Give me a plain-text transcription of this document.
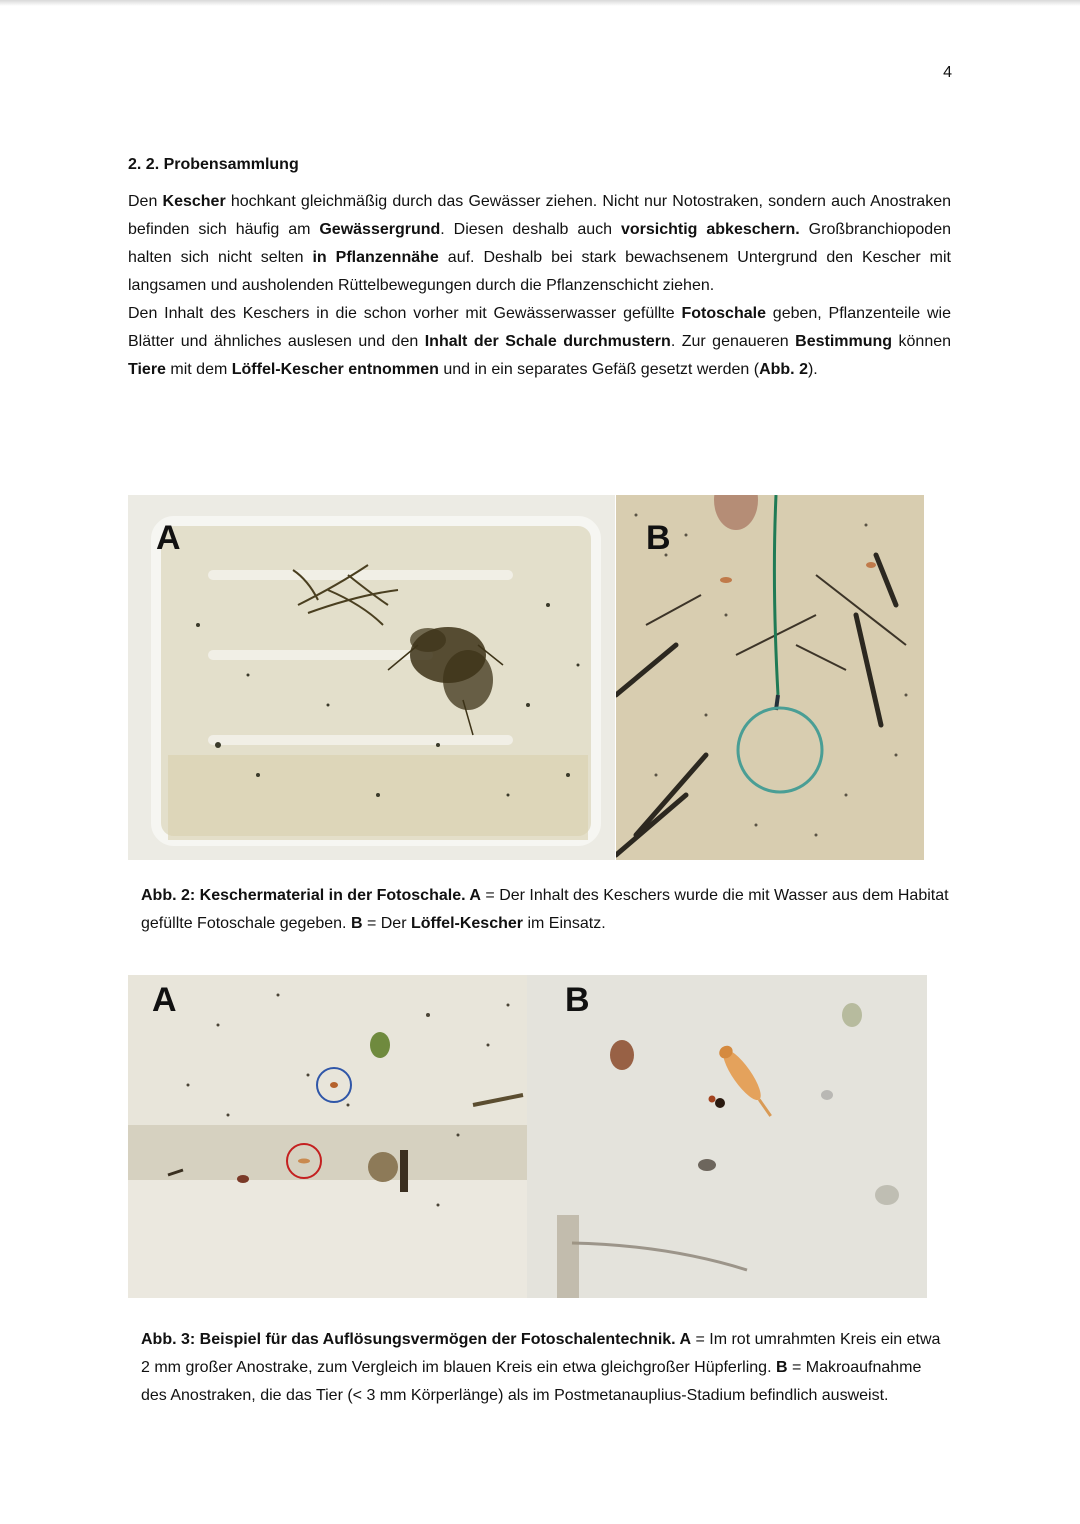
4
2. 2. Probensammlung

Den Kescher hochkant gleichmäßig durch das Gewässer ziehen. Nicht nur Notostraken, sondern auch Anostraken befinden sich häufig am Gewässergrund. Diesen deshalb auch vorsichtig abkeschern. Großbranchiopoden halten sich nicht selten in Pflanzennähe auf. Deshalb bei stark bewachsenem Untergrund den Kescher mit langsamen und ausholenden Rüttelbewegungen durch die Pflanzenschicht ziehen.

Den Inhalt des Keschers in die schon vorher mit Gewässerwasser gefüllte Fotoschale geben, Pflanzenteile wie Blätter und ähnliches auslesen und den Inhalt der Schale durchmustern. Zur genaueren Bestimmung können Tiere mit dem Löffel-Kescher entnommen und in ein separates Gefäß gesetzt werden (Abb. 2).

A	B
Abb. 2: Keschermaterial in der Fotoschale. A = Der Inhalt des Keschers wurde die mit Wasser aus dem Habitat gefüllte Fotoschale gegeben. B = Der Löffel-Kescher im Einsatz.
A	B
Abb. 3: Beispiel für das Auflösungsvermögen der Fotoschalentechnik. A = Im rot umrahmten Kreis ein etwa 2 mm großer Anostrake, zum Vergleich im blauen Kreis ein etwa gleichgroßer Hüpferling. B = Makroaufnahme des Anostraken, die das Tier (< 3 mm Körperlänge) als im Postmetanauplius-Stadium befindlich ausweist.
